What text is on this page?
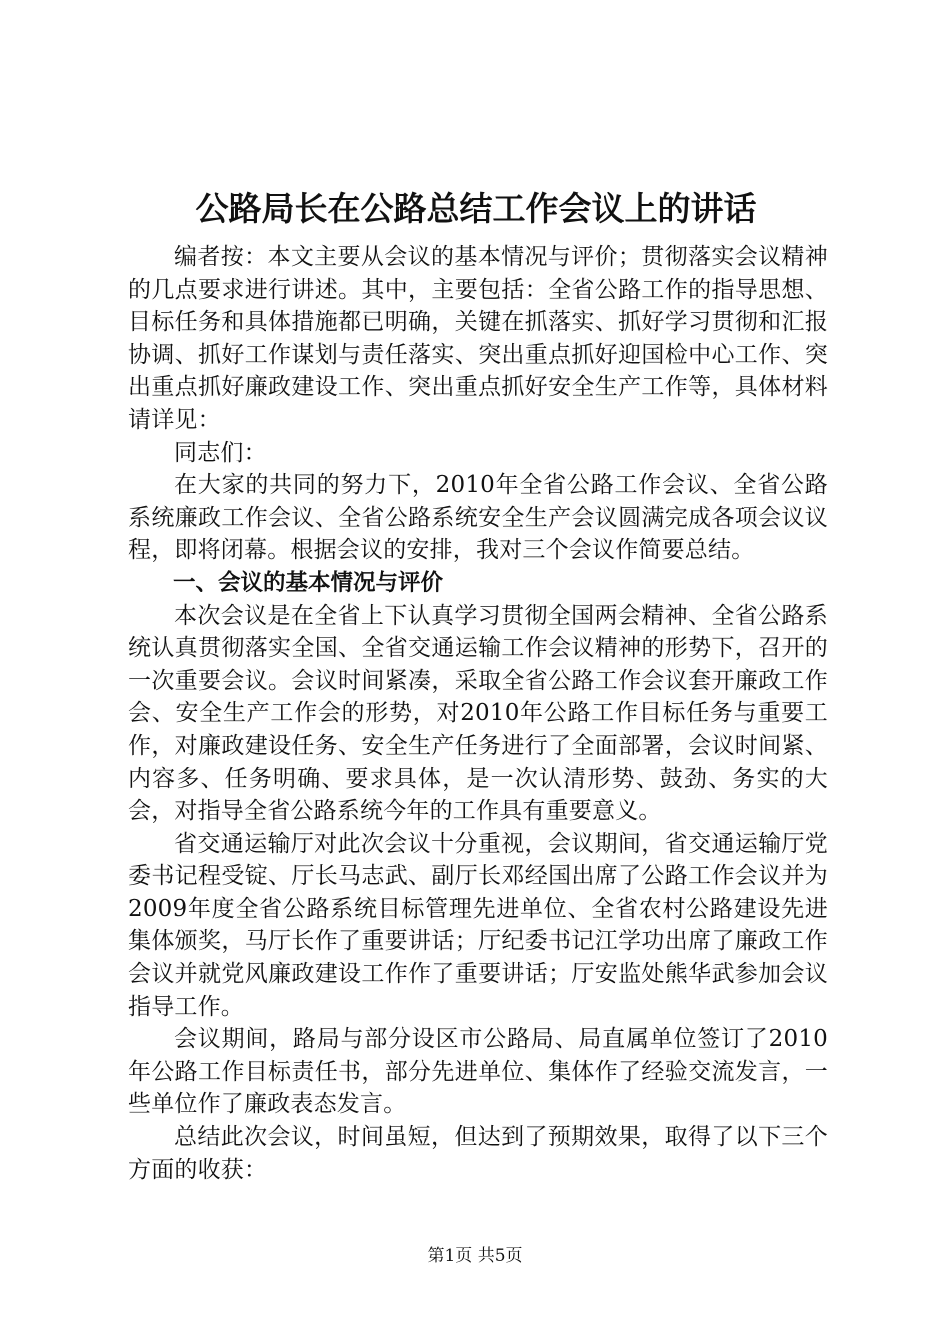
公路局长在公路总结工作会议上的讲话

编者按：本文主要从会议的基本情况与评价；贯彻落实会议精神的几点要求进行讲述。其中，主要包括：全省公路工作的指导思想、目标任务和具体措施都已明确，关键在抓落实、抓好学习贯彻和汇报协调、抓好工作谋划与责任落实、突出重点抓好迎国检中心工作、突出重点抓好廉政建设工作、突出重点抓好安全生产工作等，具体材料请详见：

同志们：

在大家的共同的努力下，2010年全省公路工作会议、全省公路系统廉政工作会议、全省公路系统安全生产会议圆满完成各项会议议程，即将闭幕。根据会议的安排，我对三个会议作简要总结。

一、会议的基本情况与评价

本次会议是在全省上下认真学习贯彻全国两会精神、全省公路系统认真贯彻落实全国、全省交通运输工作会议精神的形势下，召开的一次重要会议。会议时间紧凑，采取全省公路工作会议套开廉政工作会、安全生产工作会的形势，对2010年公路工作目标任务与重要工作，对廉政建设任务、安全生产任务进行了全面部署，会议时间紧、内容多、任务明确、要求具体，是一次认清形势、鼓劲、务实的大会，对指导全省公路系统今年的工作具有重要意义。

省交通运输厅对此次会议十分重视，会议期间，省交通运输厅党委书记程受锭、厅长马志武、副厅长邓经国出席了公路工作会议并为2009年度全省公路系统目标管理先进单位、全省农村公路建设先进集体颁奖，马厅长作了重要讲话；厅纪委书记江学功出席了廉政工作会议并就党风廉政建设工作作了重要讲话；厅安监处熊华武参加会议指导工作。

会议期间，路局与部分设区市公路局、局直属单位签订了2010年公路工作目标责任书，部分先进单位、集体作了经验交流发言，一些单位作了廉政表态发言。

总结此次会议，时间虽短，但达到了预期效果，取得了以下三个方面的收获：

第1页 共5页
